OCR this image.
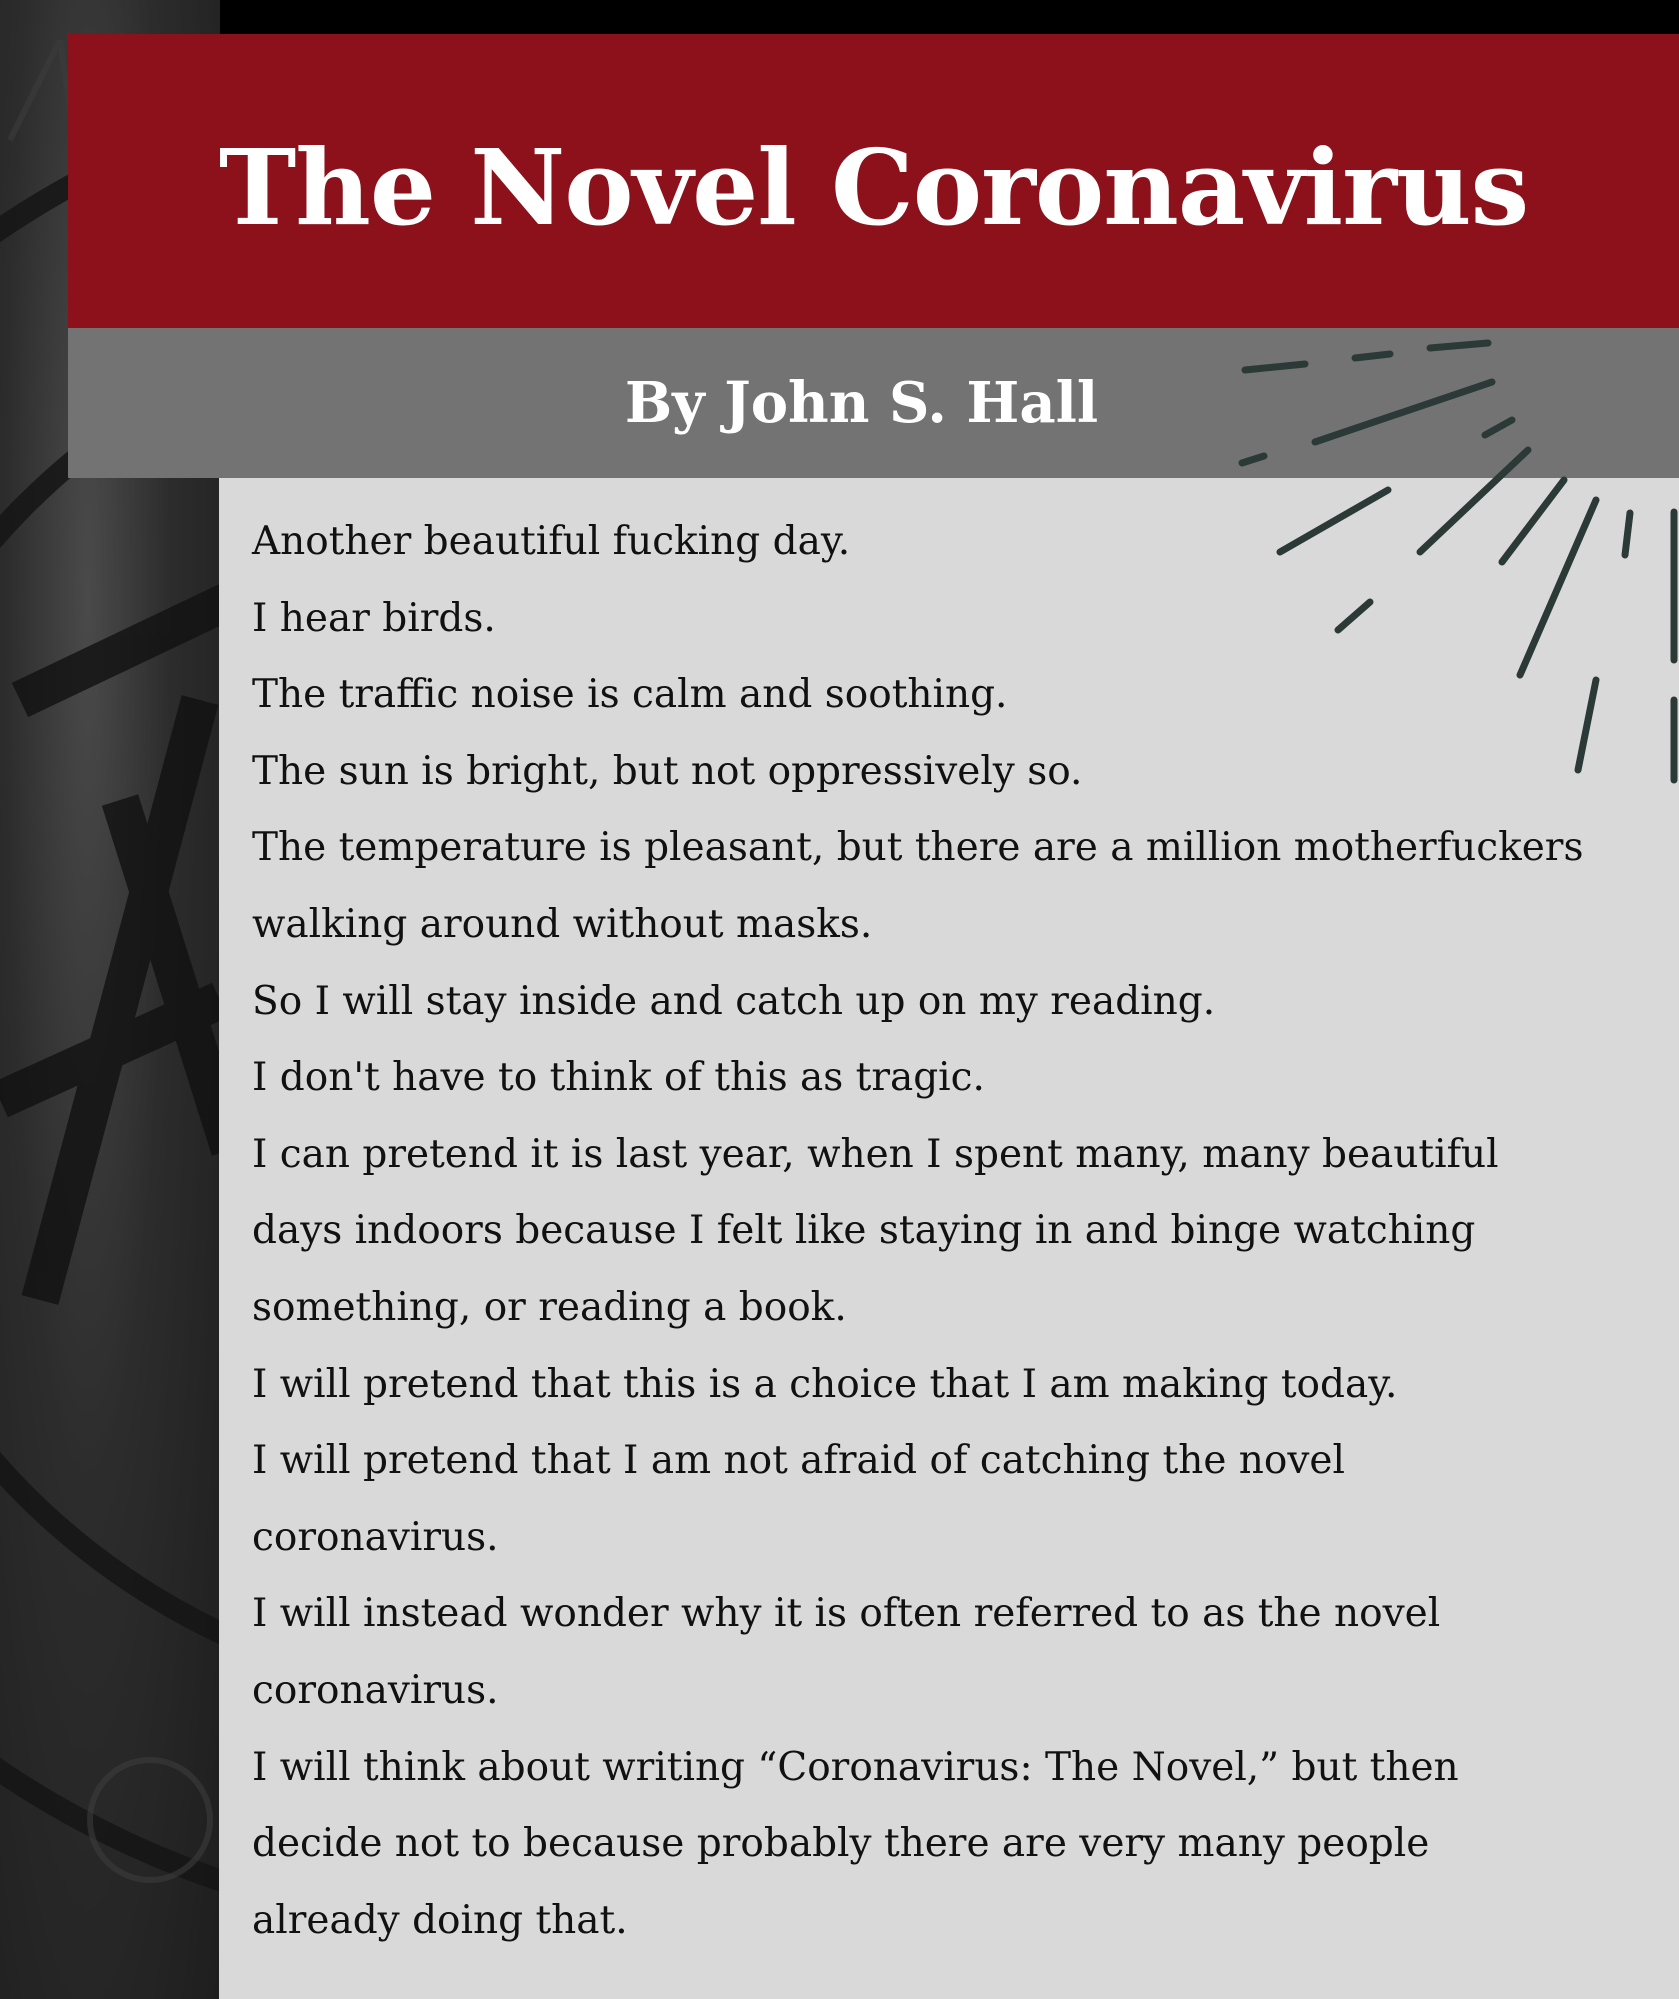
The Novel Coronavirus
By John S. Hall
Another beautiful fucking day.
I hear birds.
The traffic noise is calm and soothing.
The sun is bright, but not oppressively so.
The temperature is pleasant, but there are a million motherfuckers
walking around without masks.
So I will stay inside and catch up on my reading.
I don't have to think of this as tragic.
I can pretend it is last year, when I spent many, many beautiful
days indoors because I felt like staying in and binge watching
something, or reading a book.
I will pretend that this is a choice that I am making today.
I will pretend that I am not afraid of catching the novel
coronavirus.
I will instead wonder why it is often referred to as the novel
coronavirus.
I will think about writing “Coronavirus: The Novel,” but then
decide not to because probably there are very many people
already doing that.
